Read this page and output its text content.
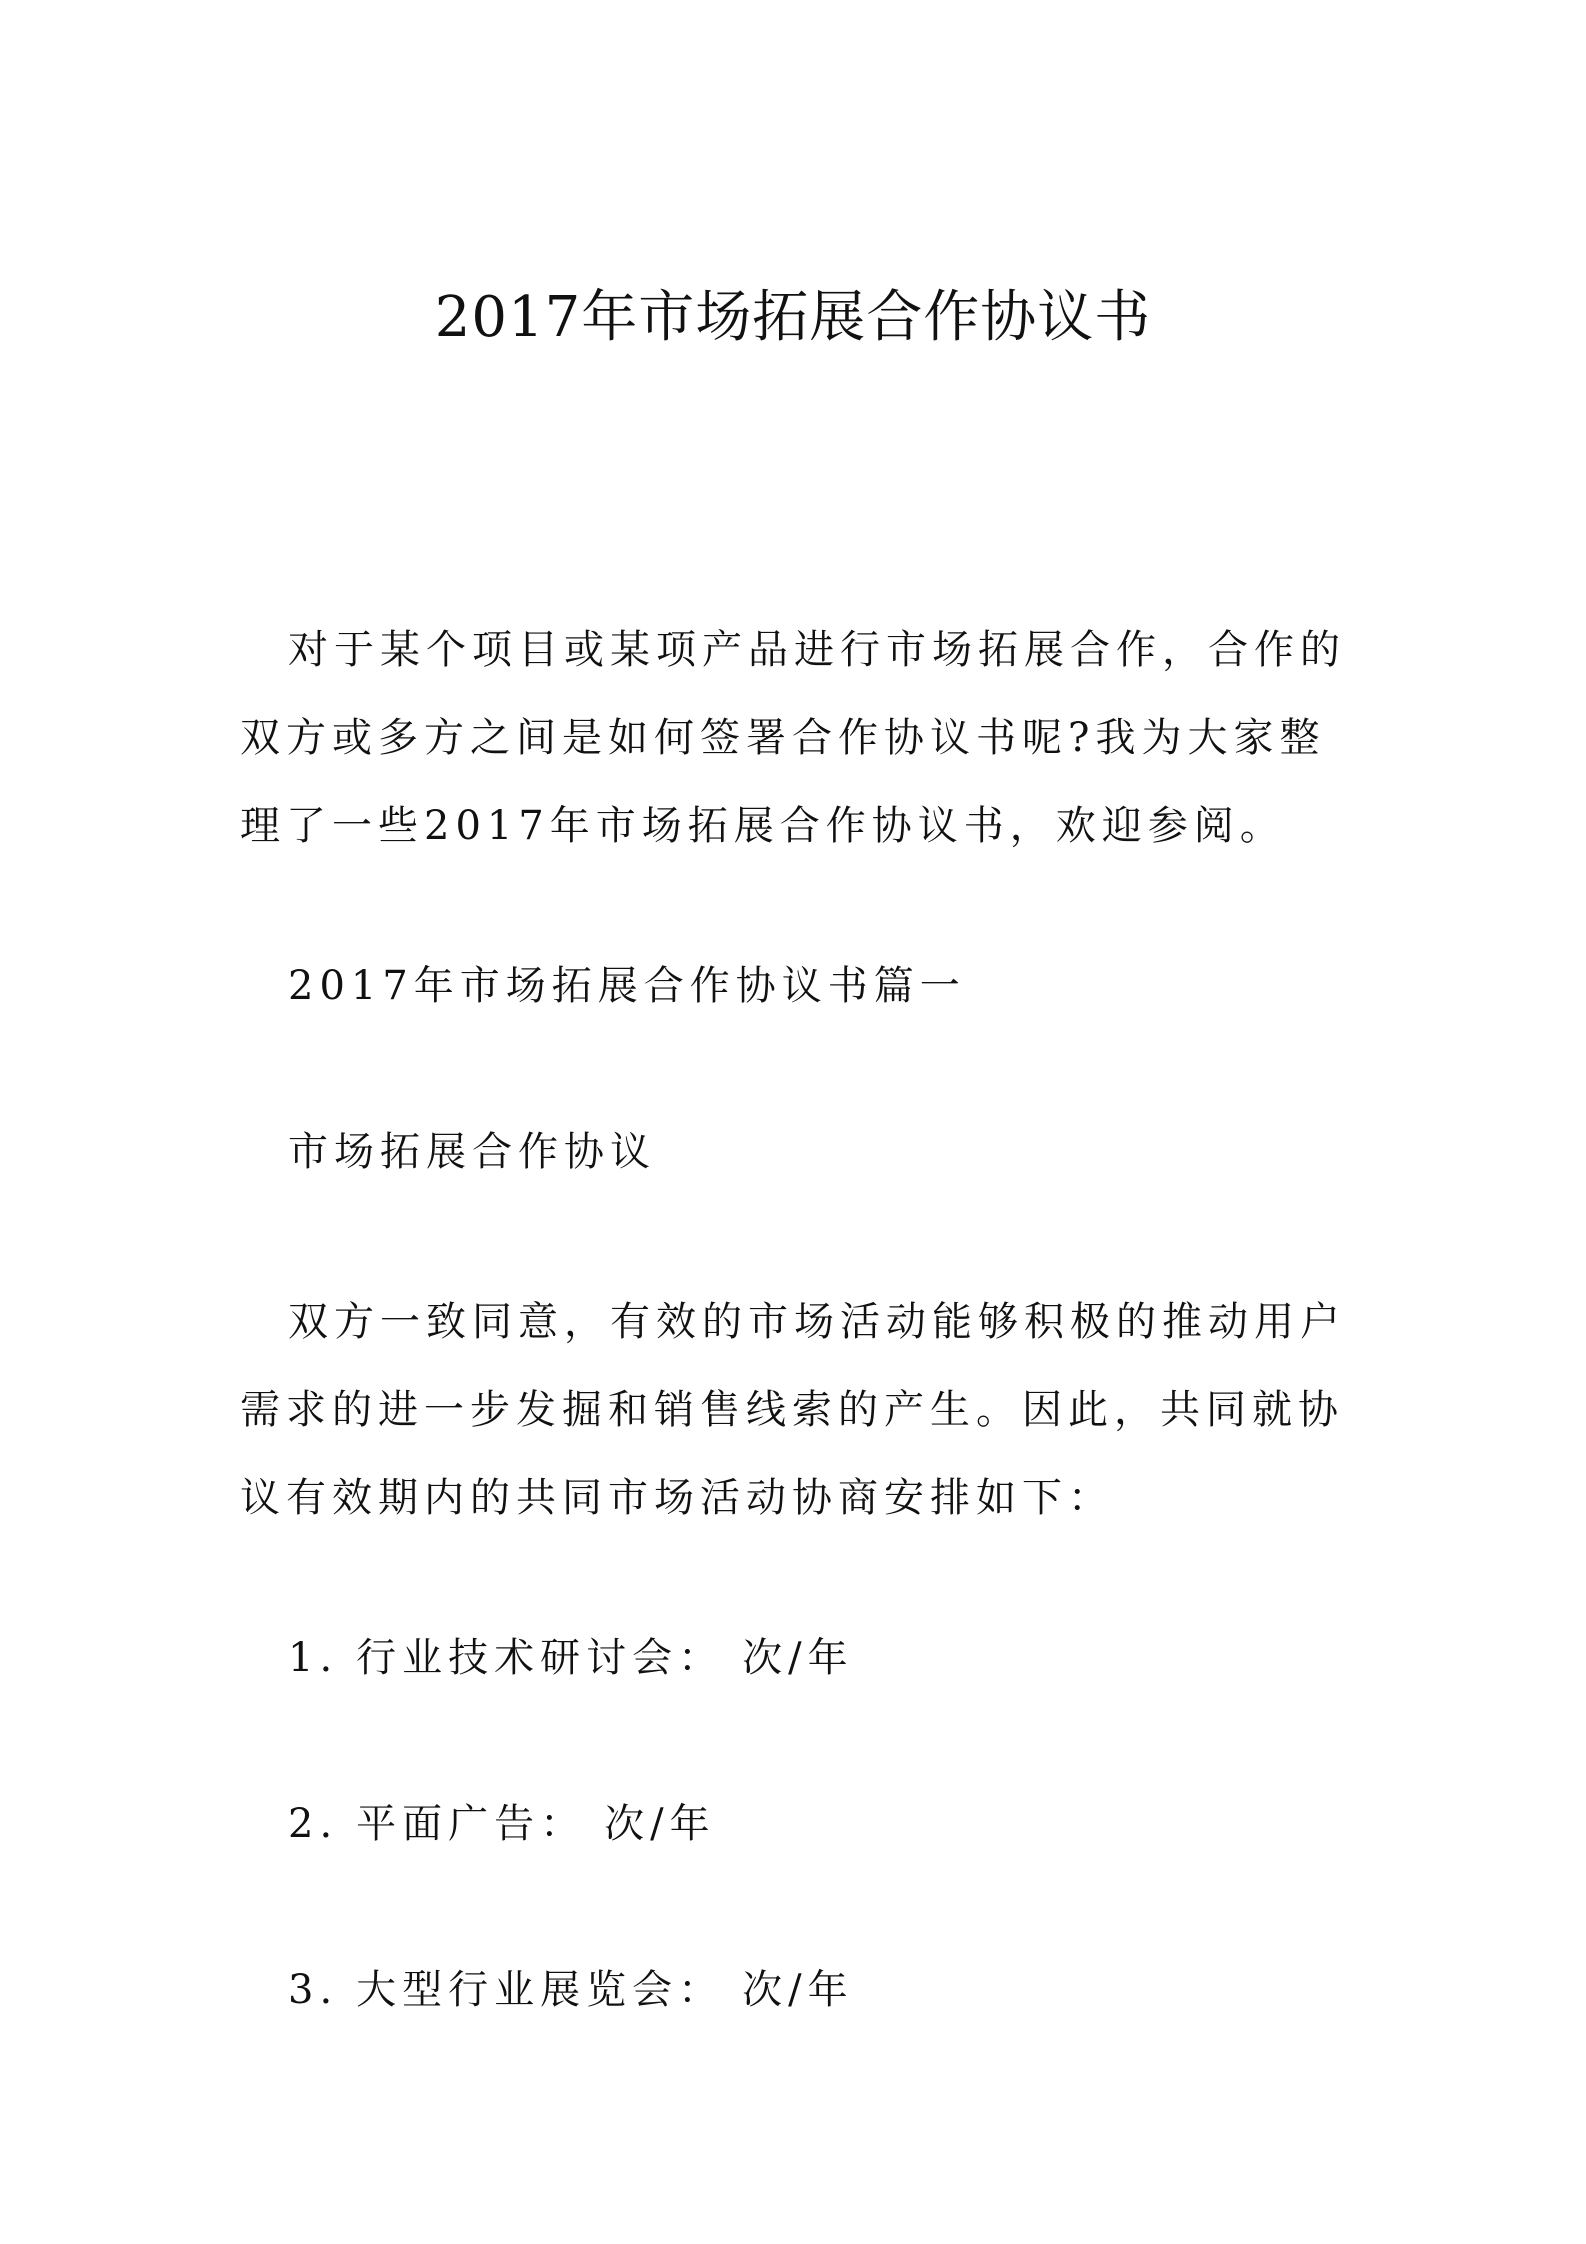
2017年市场拓展合作协议书

对于某个项目或某项产品进行市场拓展合作，合作的双方或多方之间是如何签署合作协议书呢?我为大家整理了一些2017年市场拓展合作协议书，欢迎参阅。

2017年市场拓展合作协议书篇一

市场拓展合作协议

双方一致同意，有效的市场活动能够积极的推动用户需求的进一步发掘和销售线索的产生。因此，共同就协议有效期内的共同市场活动协商安排如下：

1. 行业技术研讨会： 次/年

2. 平面广告： 次/年

3. 大型行业展览会： 次/年
